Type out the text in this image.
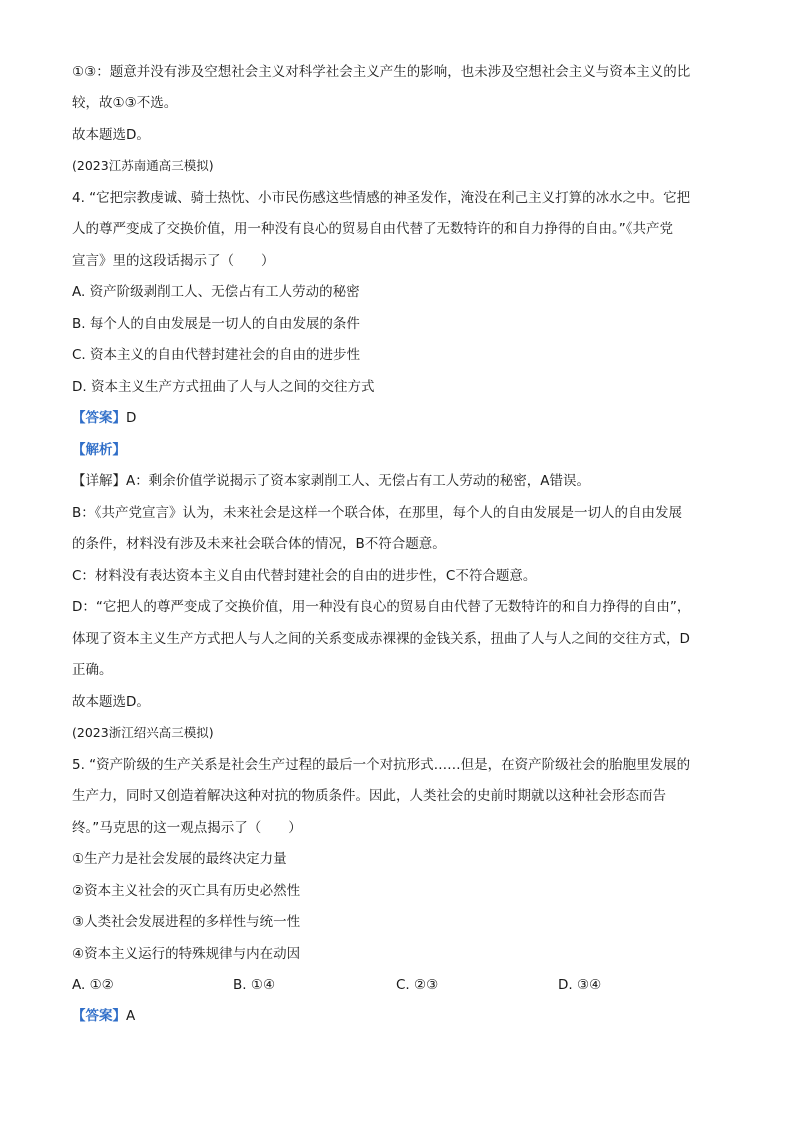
①③：题意并没有涉及空想社会主义对科学社会主义产生的影响，也未涉及空想社会主义与资本主义的比
较，故①③不选。
故本题选D。
(2023江苏南通高三模拟)
4. “它把宗教虔诚、骑士热忱、小市民伤感这些情感的神圣发作，淹没在利己主义打算的冰水之中。它把
人的尊严变成了交换价值，用一种没有良心的贸易自由代替了无数特许的和自力挣得的自由。”《共产党
宣言》里的这段话揭示了（　　）
A. 资产阶级剥削工人、无偿占有工人劳动的秘密
B. 每个人的自由发展是一切人的自由发展的条件
C. 资本主义的自由代替封建社会的自由的进步性
D. 资本主义生产方式扭曲了人与人之间的交往方式
【答案】D
【解析】
【详解】A：剩余价值学说揭示了资本家剥削工人、无偿占有工人劳动的秘密，A错误。
B：《共产党宣言》认为，未来社会是这样一个联合体，在那里，每个人的自由发展是一切人的自由发展
的条件，材料没有涉及未来社会联合体的情况，B不符合题意。
C：材料没有表达资本主义自由代替封建社会的自由的进步性，C不符合题意。
D：“它把人的尊严变成了交换价值，用一种没有良心的贸易自由代替了无数特许的和自力挣得的自由”，
体现了资本主义生产方式把人与人之间的关系变成赤裸裸的金钱关系，扭曲了人与人之间的交往方式，D
正确。
故本题选D。
(2023浙江绍兴高三模拟)
5. “资产阶级的生产关系是社会生产过程的最后一个对抗形式……但是，在资产阶级社会的胎胞里发展的
生产力，同时又创造着解决这种对抗的物质条件。因此，人类社会的史前时期就以这种社会形态而告
终。”马克思的这一观点揭示了（　　）
①生产力是社会发展的最终决定力量
②资本主义社会的灭亡具有历史必然性
③人类社会发展进程的多样性与统一性
④资本主义运行的特殊规律与内在动因
A. ①②	B. ①④	C. ②③	D. ③④
【答案】A
